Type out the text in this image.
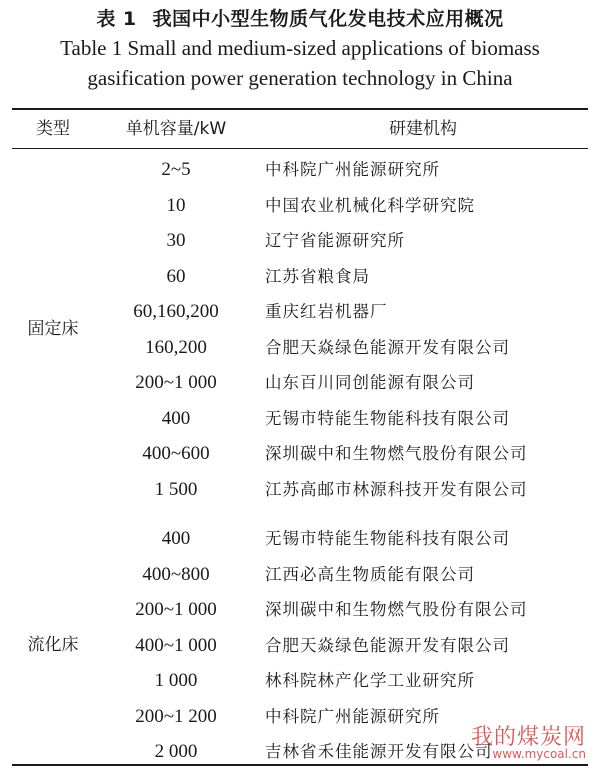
表 1 我国中小型生物质气化发电技术应用概况
Table 1 Small and medium-sized applications of biomass
gasification power generation technology in China
类型	单机容量/kW	研建机构
固定床
2~5	中科院广州能源研究所
10	中国农业机械化科学研究院
30	辽宁省能源研究所
60	江苏省粮食局
60,160,200	重庆红岩机器厂
160,200	合肥天焱绿色能源开发有限公司
200~1 000	山东百川同创能源有限公司
400	无锡市特能生物能科技有限公司
400~600	深圳碳中和生物燃气股份有限公司
1 500	江苏高邮市林源科技开发有限公司
流化床
400	无锡市特能生物能科技有限公司
400~800	江西必高生物质能有限公司
200~1 000	深圳碳中和生物燃气股份有限公司
400~1 000	合肥天焱绿色能源开发有限公司
1 000	林科院林产化学工业研究所
200~1 200	中科院广州能源研究所
2 000	吉林省禾佳能源开发有限公司
我的煤炭网
www.mycoal.cn
